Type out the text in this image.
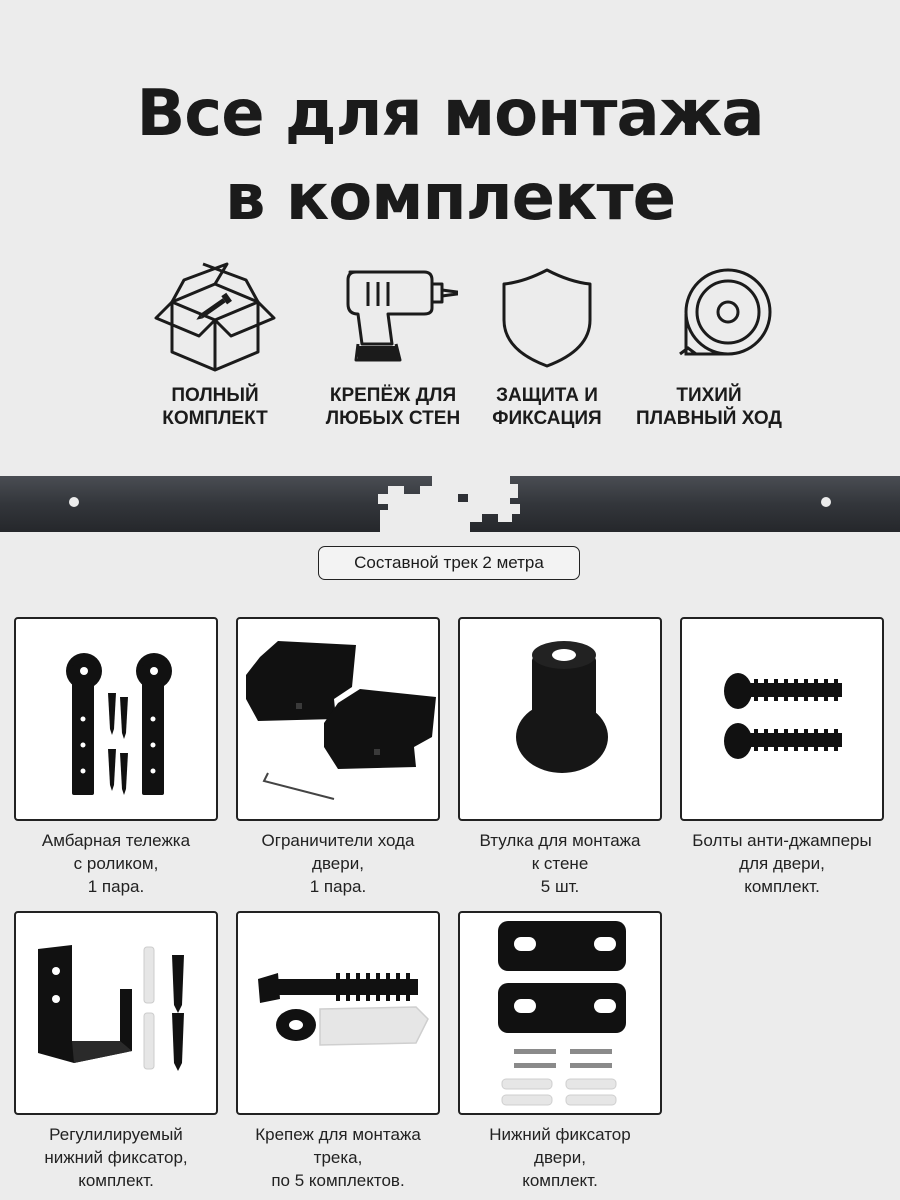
Все для монтажа
в комплекте
ПОЛНЫЙ
КОМПЛЕКТ
КРЕПЁЖ ДЛЯ
ЛЮБЫХ СТЕН
ЗАЩИТА И
ФИКСАЦИЯ
ТИХИЙ
ПЛАВНЫЙ ХОД
Составной трек 2 метра
Амбарная тележка
с роликом,
1 пара.
Ограничители хода
двери,
1 пара.
Втулка для монтажа
к стене
5 шт.
Болты анти-джамперы
для двери,
комплект.
Регулилируемый
нижний фиксатор,
комплект.
Крепеж для монтажа
трека,
по 5 комплектов.
Нижний фиксатор
двери,
комплект.
